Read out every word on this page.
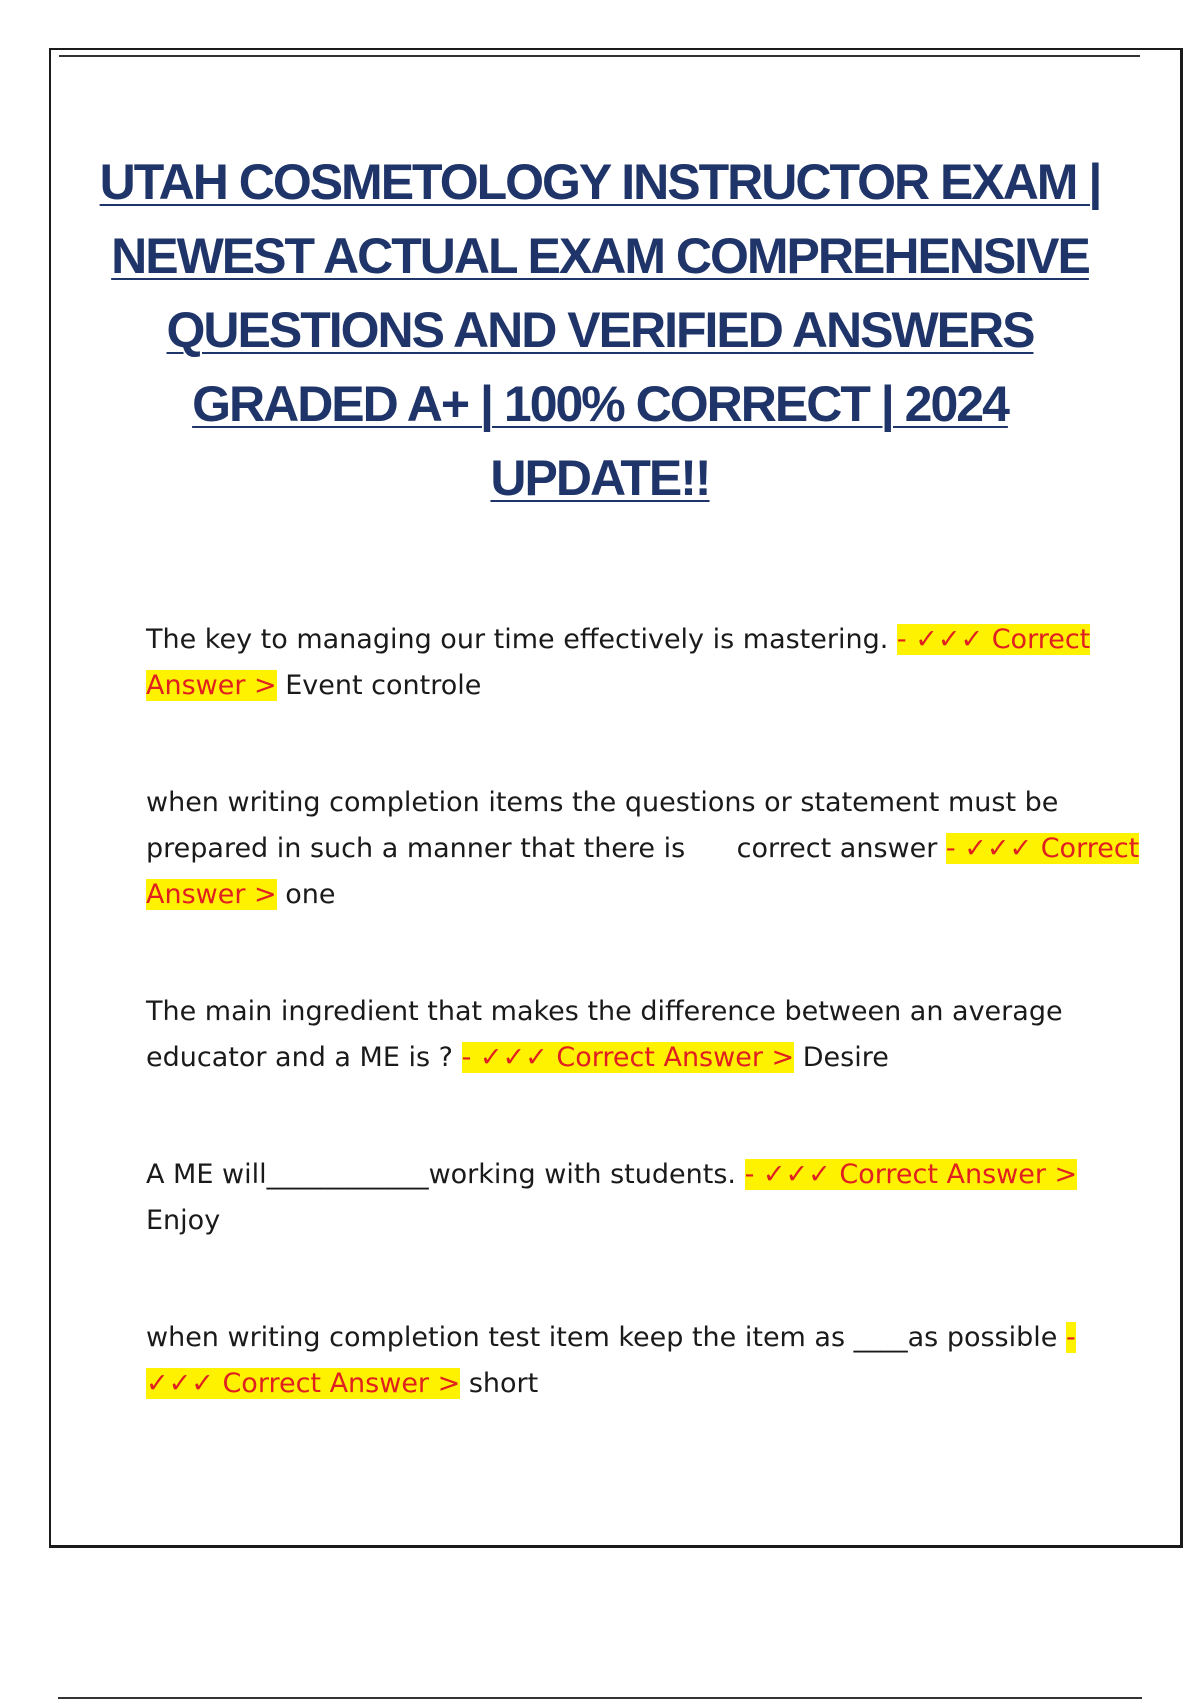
UTAH COSMETOLOGY INSTRUCTOR EXAM | NEWEST ACTUAL EXAM COMPREHENSIVE QUESTIONS AND VERIFIED ANSWERS GRADED A+ | 100% CORRECT | 2024 UPDATE!!
The key to managing our time effectively is mastering. - ✓✓✓ Correct Answer > Event controle
when writing completion items the questions or statement must be prepared in such a manner that there is      correct answer - ✓✓✓ Correct Answer > one
The main ingredient that makes the difference between an average educator and a ME is ? - ✓✓✓ Correct Answer > Desire
A ME will____________working with students. - ✓✓✓ Correct Answer > Enjoy
when writing completion test item keep the item as ____as possible - ✓✓✓ Correct Answer > short
